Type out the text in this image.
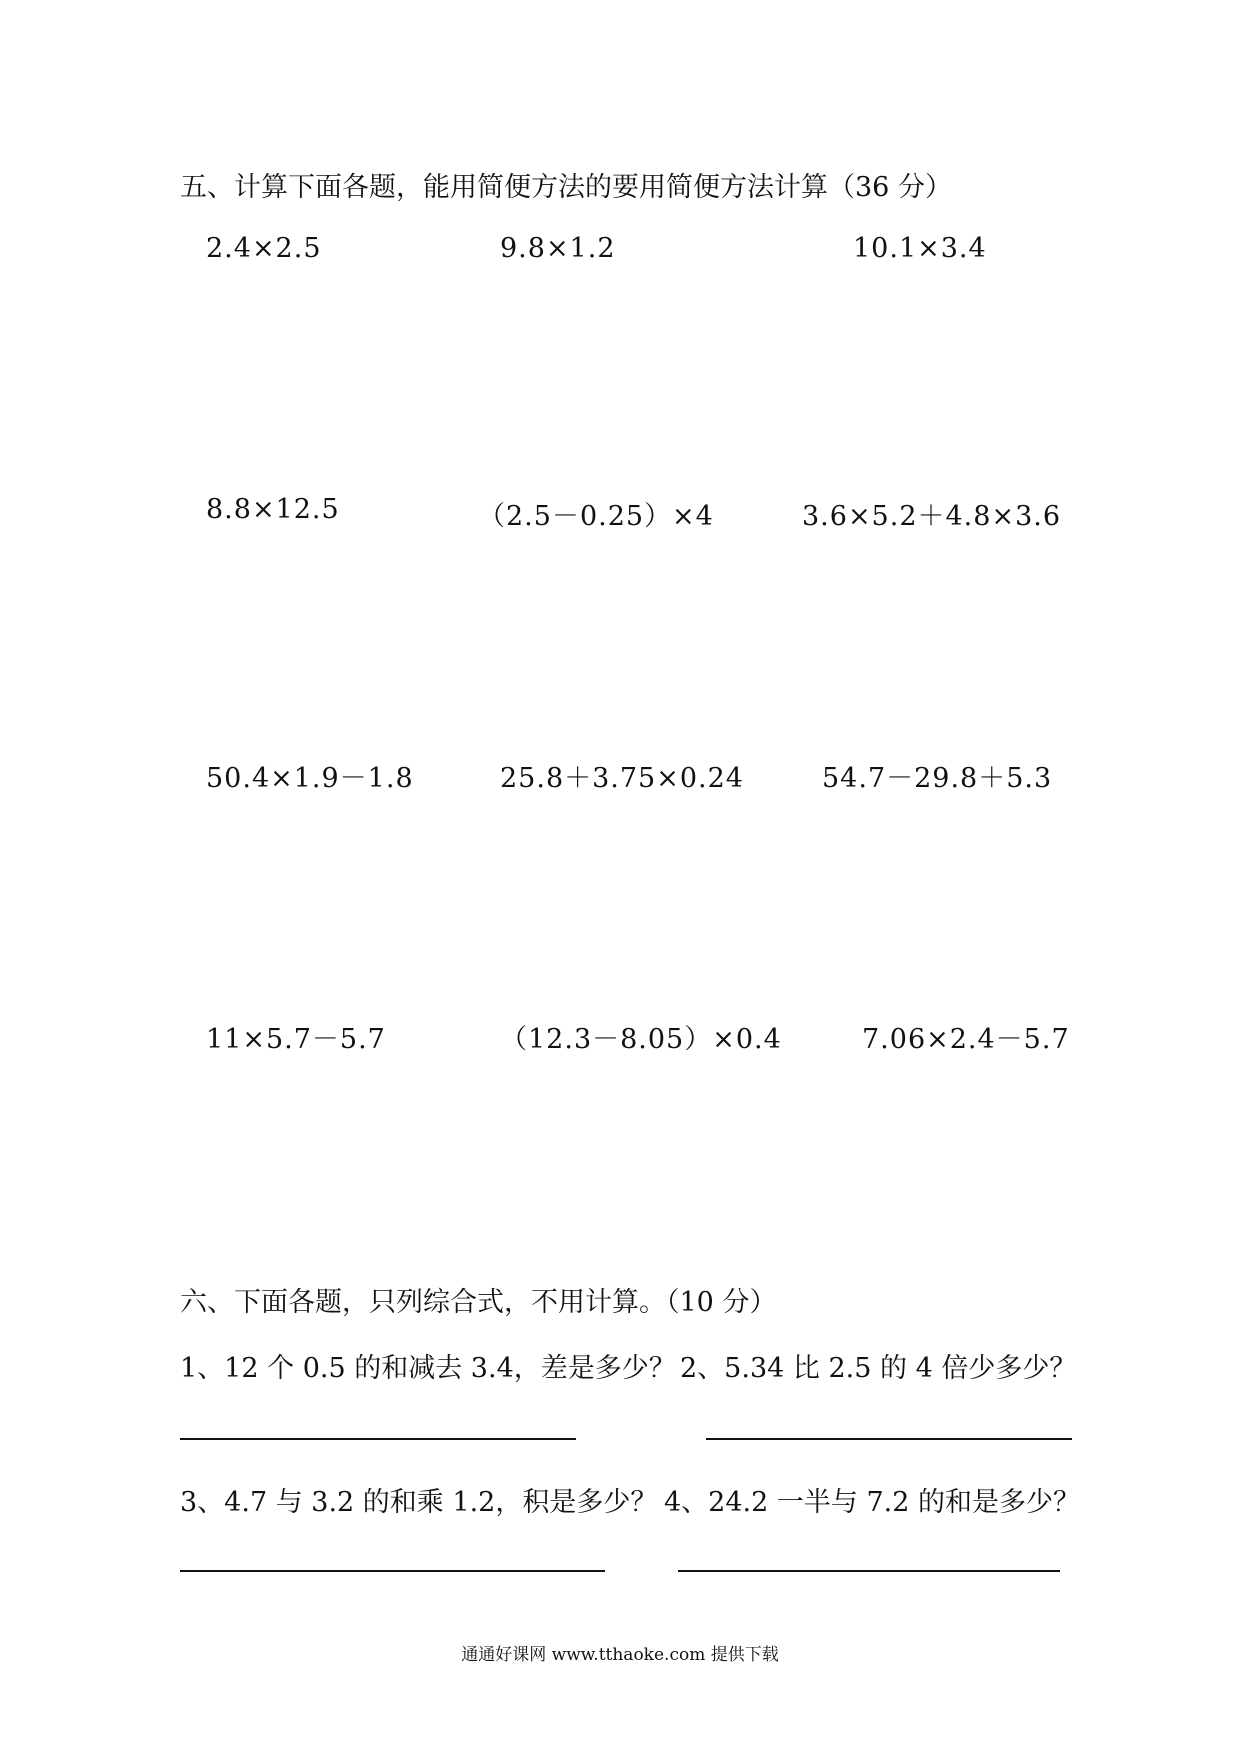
五、计算下面各题，能用简便方法的要用简便方法计算（36 分）
2.4×2.5	9.8×1.2	10.1×3.4
8.8×12.5	（2.5－0.25）×4	3.6×5.2＋4.8×3.6
50.4×1.9－1.8	25.8＋3.75×0.24	54.7－29.8＋5.3
11×5.7－5.7	（12.3－8.05）×0.4	7.06×2.4－5.7
六、下面各题，只列综合式，不用计算。（10 分）
1、12 个 0.5 的和减去 3.4，差是多少？ 2、5.34 比 2.5 的 4 倍少多少？
3、4.7 与 3.2 的和乘 1.2，积是多少？ 4、24.2 一半与 7.2 的和是多少？
通通好课网 www.tthaoke.com 提供下载
